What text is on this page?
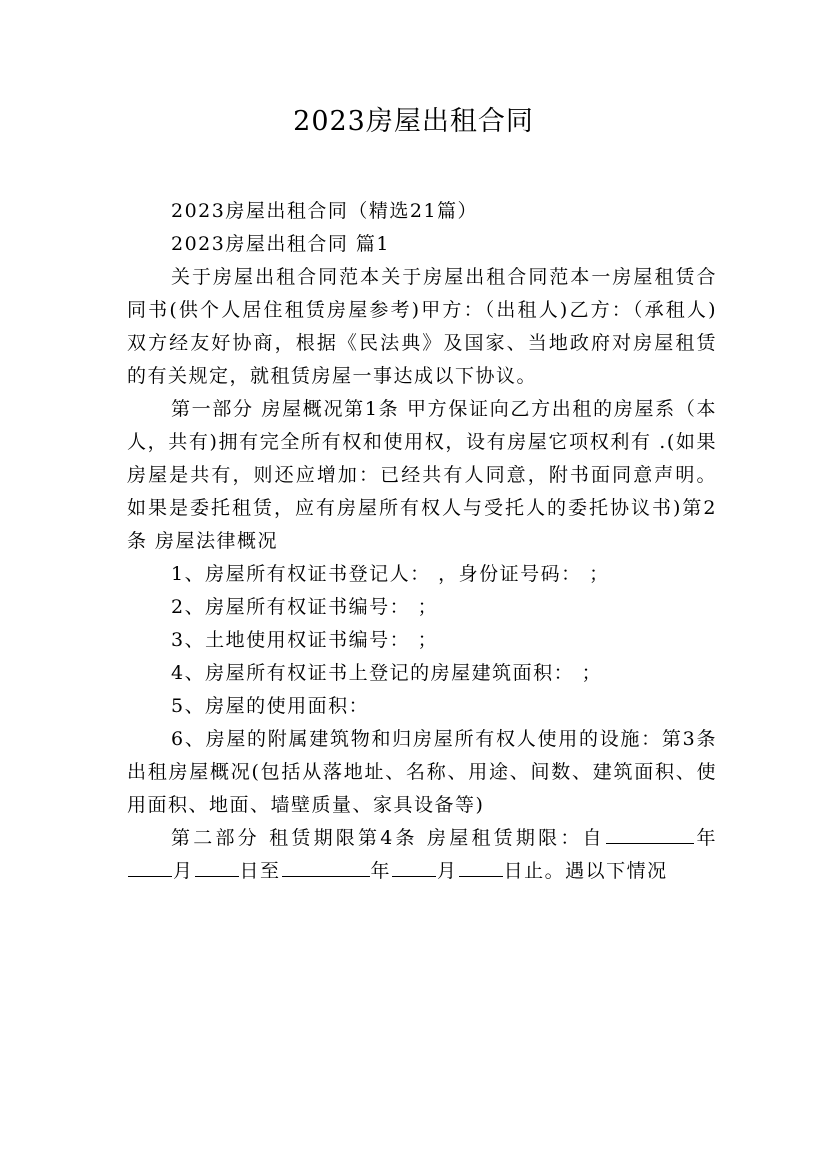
2023房屋出租合同

2023房屋出租合同（精选21篇）

2023房屋出租合同 篇1

关于房屋出租合同范本关于房屋出租合同范本一房屋租赁合同书(供个人居住租赁房屋参考)甲方：（出租人)乙方：（承租人)双方经友好协商，根据《民法典》及国家、当地政府对房屋租赁的有关规定，就租赁房屋一事达成以下协议。

第一部分 房屋概况第1条 甲方保证向乙方出租的房屋系（本人，共有)拥有完全所有权和使用权，设有房屋它项权利有 .(如果房屋是共有，则还应增加：已经共有人同意，附书面同意声明。如果是委托租赁，应有房屋所有权人与受托人的委托协议书)第2条 房屋法律概况

1、房屋所有权证书登记人： ，身份证号码： ；

2、房屋所有权证书编号： ；

3、土地使用权证书编号： ；

4、房屋所有权证书上登记的房屋建筑面积： ；

5、房屋的使用面积：

6、房屋的附属建筑物和归房屋所有权人使用的设施：第3条 出租房屋概况(包括从落地址、名称、用途、间数、建筑面积、使用面积、地面、墙壁质量、家具设备等)

第二部分 租赁期限第4条 房屋租赁期限：自	年月 日至	年 月 日止。遇以下情况
